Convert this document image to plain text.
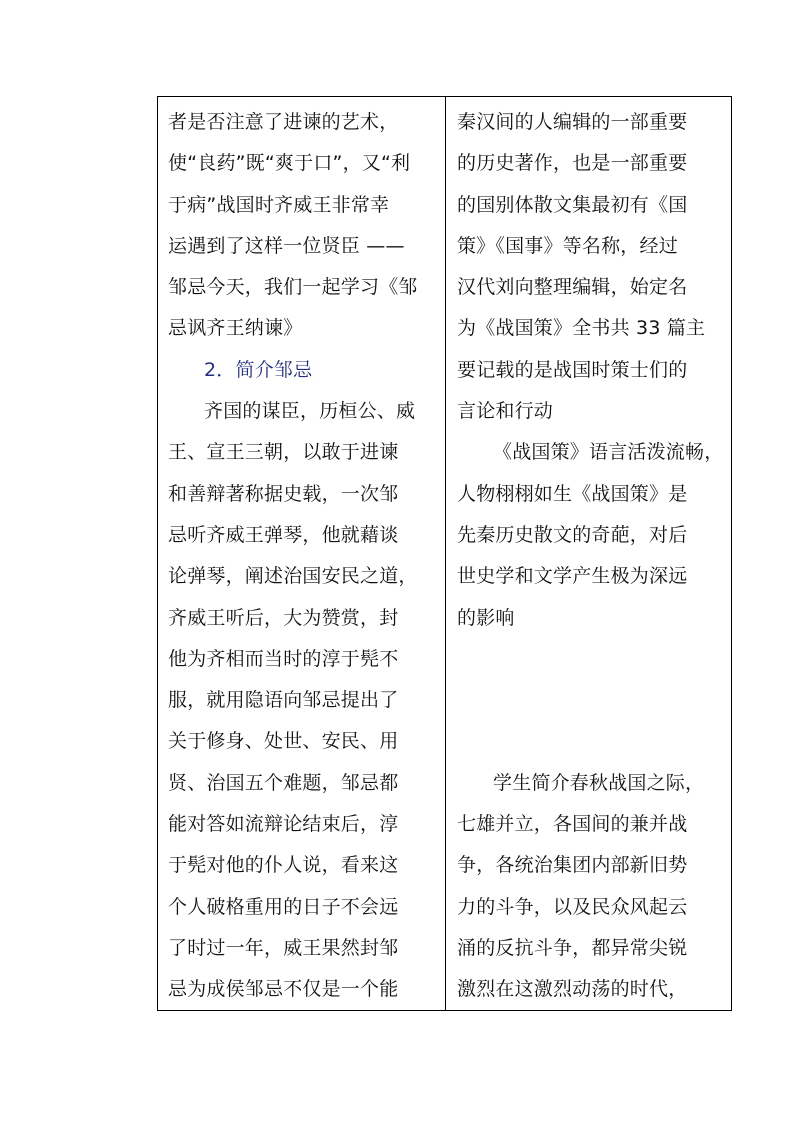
者是否注意了进谏的艺术，
使“良药”既“爽于口”，又“利
于病”战国时齐威王非常幸
运遇到了这样一位贤臣 ——
邹忌今天，我们一起学习《邹
忌讽齐王纳谏》
2．简介邹忌
齐国的谋臣，历桓公、威
王、宣王三朝，以敢于进谏
和善辩著称据史载，一次邹
忌听齐威王弹琴，他就藉谈
论弹琴，阐述治国安民之道，
齐威王听后，大为赞赏，封
他为齐相而当时的淳于髡不
服，就用隐语向邹忌提出了
关于修身、处世、安民、用
贤、治国五个难题，邹忌都
能对答如流辩论结束后，淳
于髡对他的仆人说，看来这
个人破格重用的日子不会远
了时过一年，威王果然封邹
忌为成侯邹忌不仅是一个能
秦汉间的人编辑的一部重要
的历史著作，也是一部重要
的国别体散文集最初有《国
策》《国事》等名称，经过
汉代刘向整理编辑，始定名
为《战国策》全书共 33 篇主
要记载的是战国时策士们的
言论和行动
《战国策》语言活泼流畅，
人物栩栩如生《战国策》是
先秦历史散文的奇葩，对后
世史学和文学产生极为深远
的影响
学生简介春秋战国之际，
七雄并立，各国间的兼并战
争，各统治集团内部新旧势
力的斗争，以及民众风起云
涌的反抗斗争，都异常尖锐
激烈在这激烈动荡的时代，
